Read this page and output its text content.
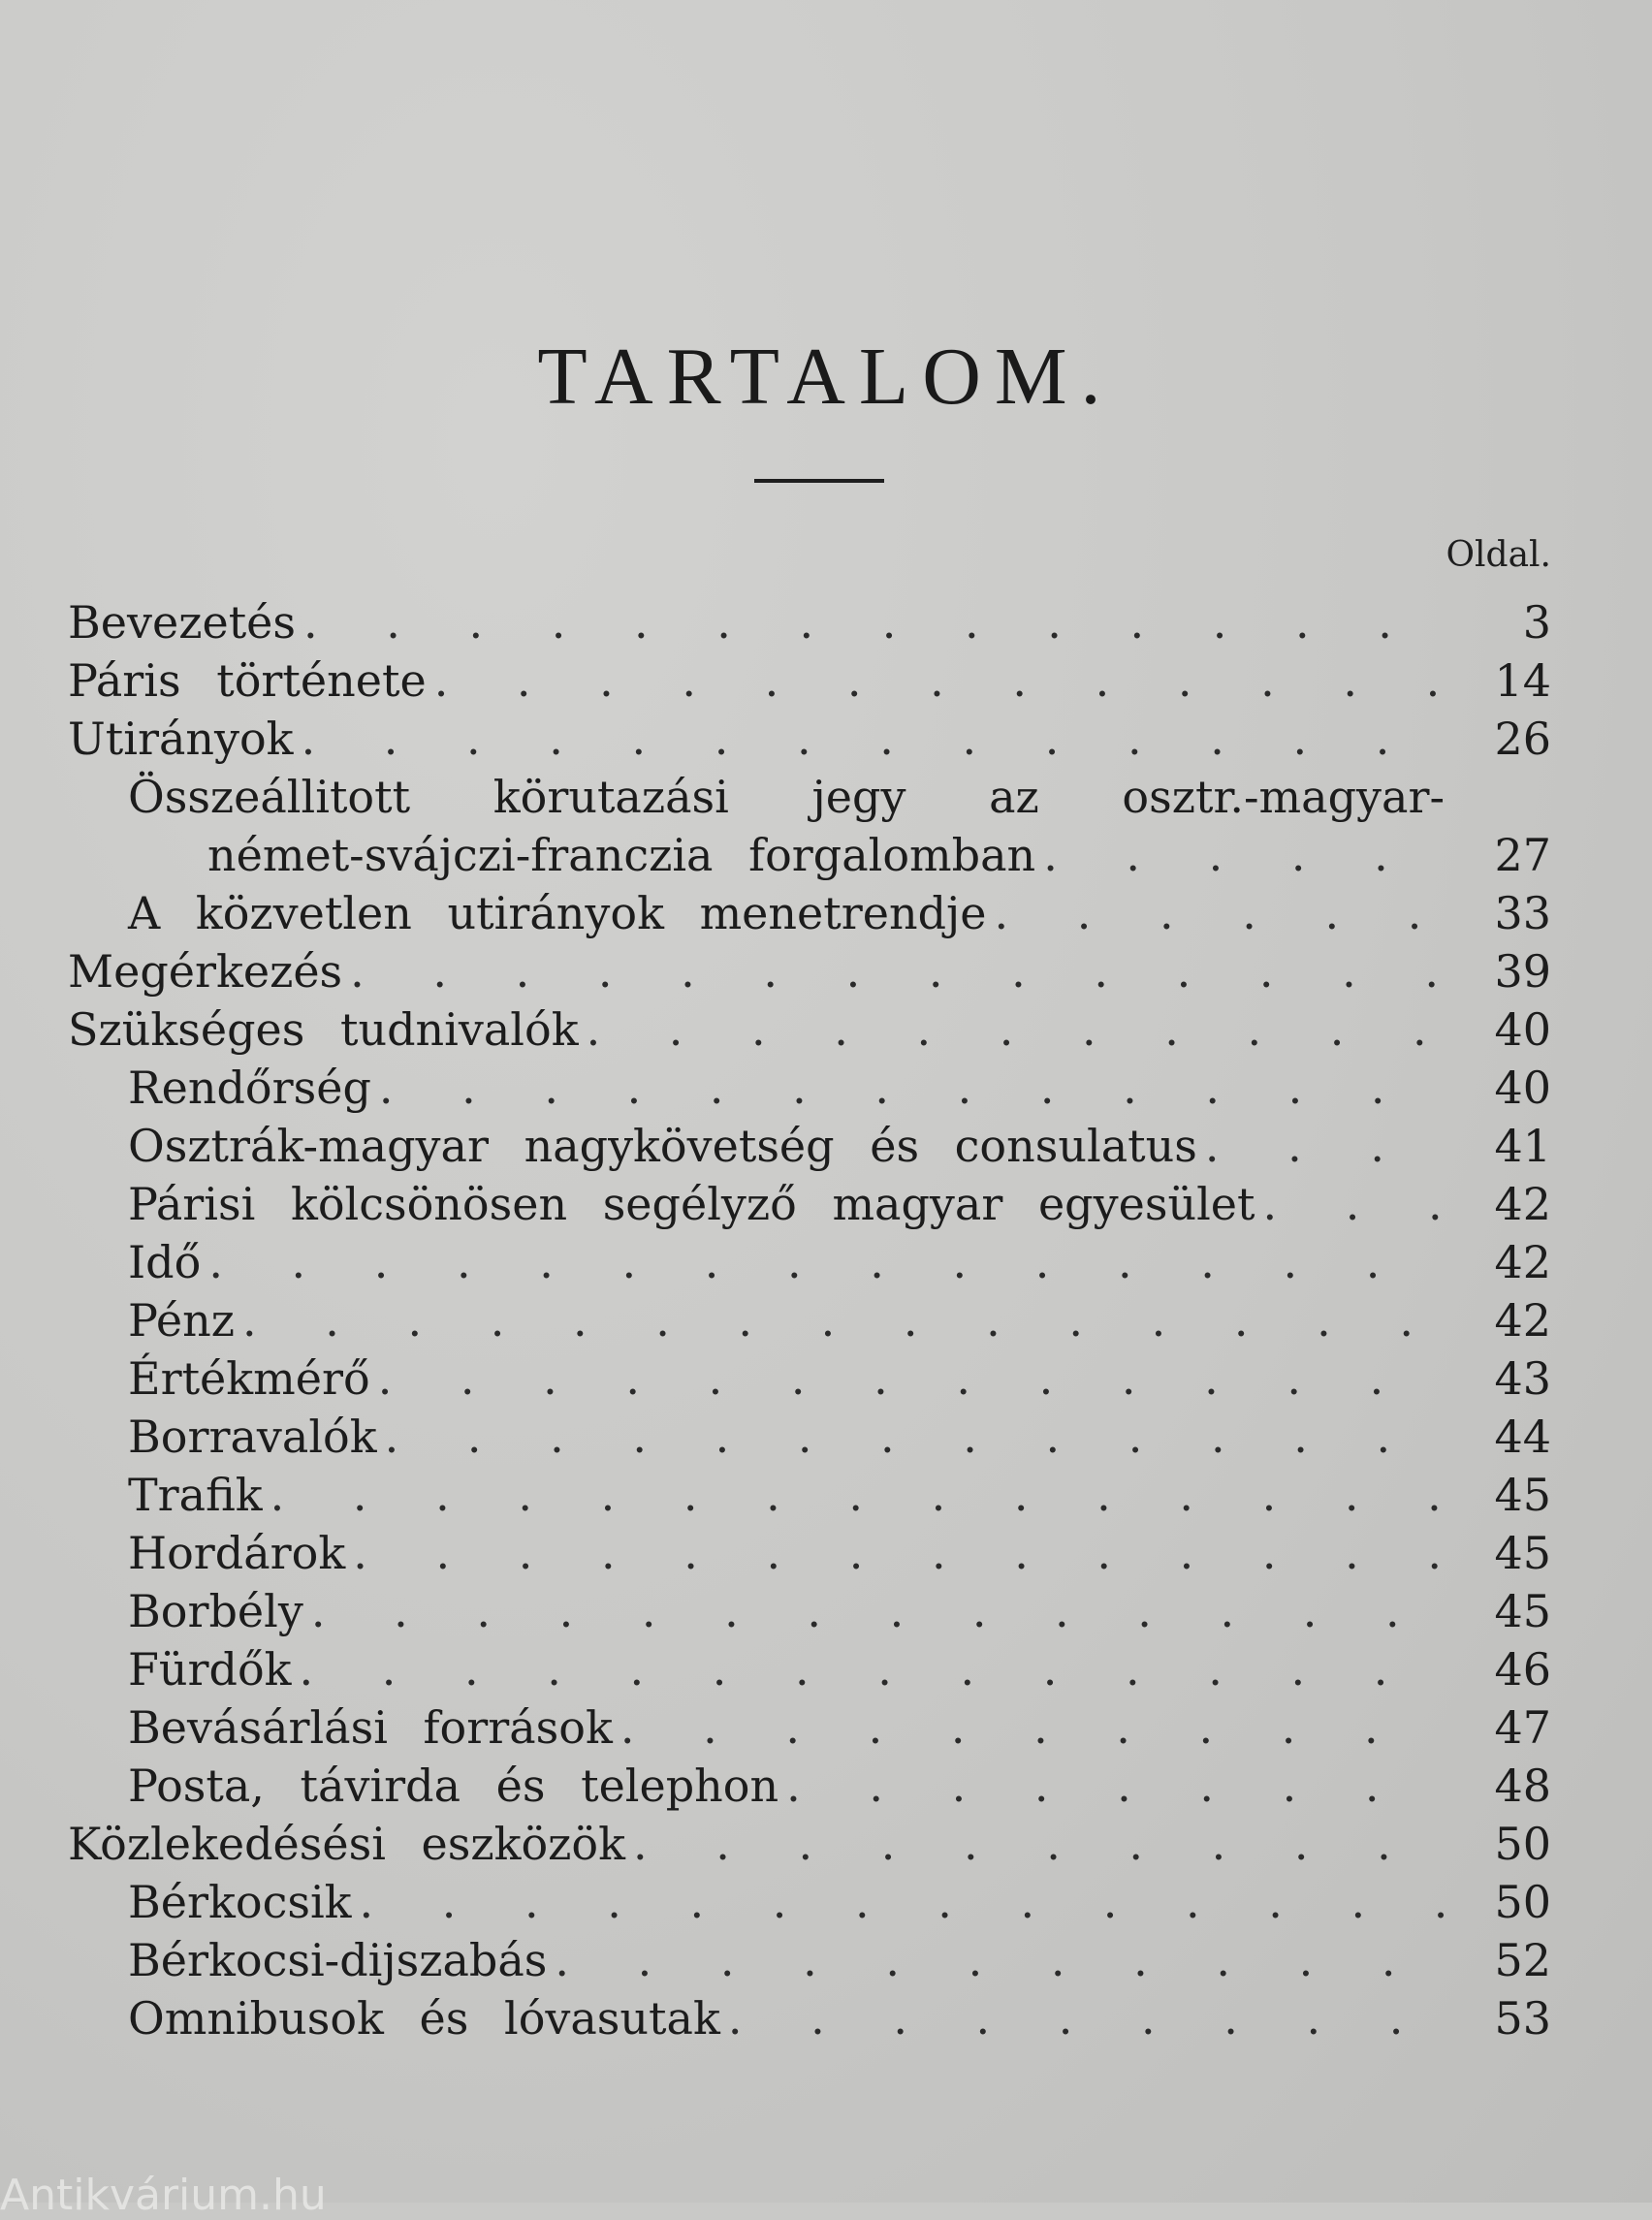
TARTALOM.
Oldal.
Bevezetés . . .	3
Páris története . . .	14
Utirányok . . .	26
Összeállitott körutazási jegy az osztr.-magyar-
német-svájczi-franczia forgalomban . . .	27
A közvetlen utirányok menetrendje . . .	33
Megérkezés . . .	39
Szükséges tudnivalók . . .	40
Rendőrség . . .	40
Osztrák-magyar nagykövetség és consulatus . . .	41
Párisi kölcsönösen segélyző magyar egyesület . . .	42
Idő . . .	42
Pénz . . .	42
Értékmérő . . .	43
Borravalók . . .	44
Trafik . . .	45
Hordárok . . .	45
Borbély . . .	45
Fürdők . . .	46
Bevásárlási források . . .	47
Posta, távirda és telephon . . .	48
Közlekedésési eszközök . . .	50
Bérkocsik . . .	50
Bérkocsi-dijszabás . . .	52
Omnibusok és lóvasutak . . .	53
Antikvárium.hu
